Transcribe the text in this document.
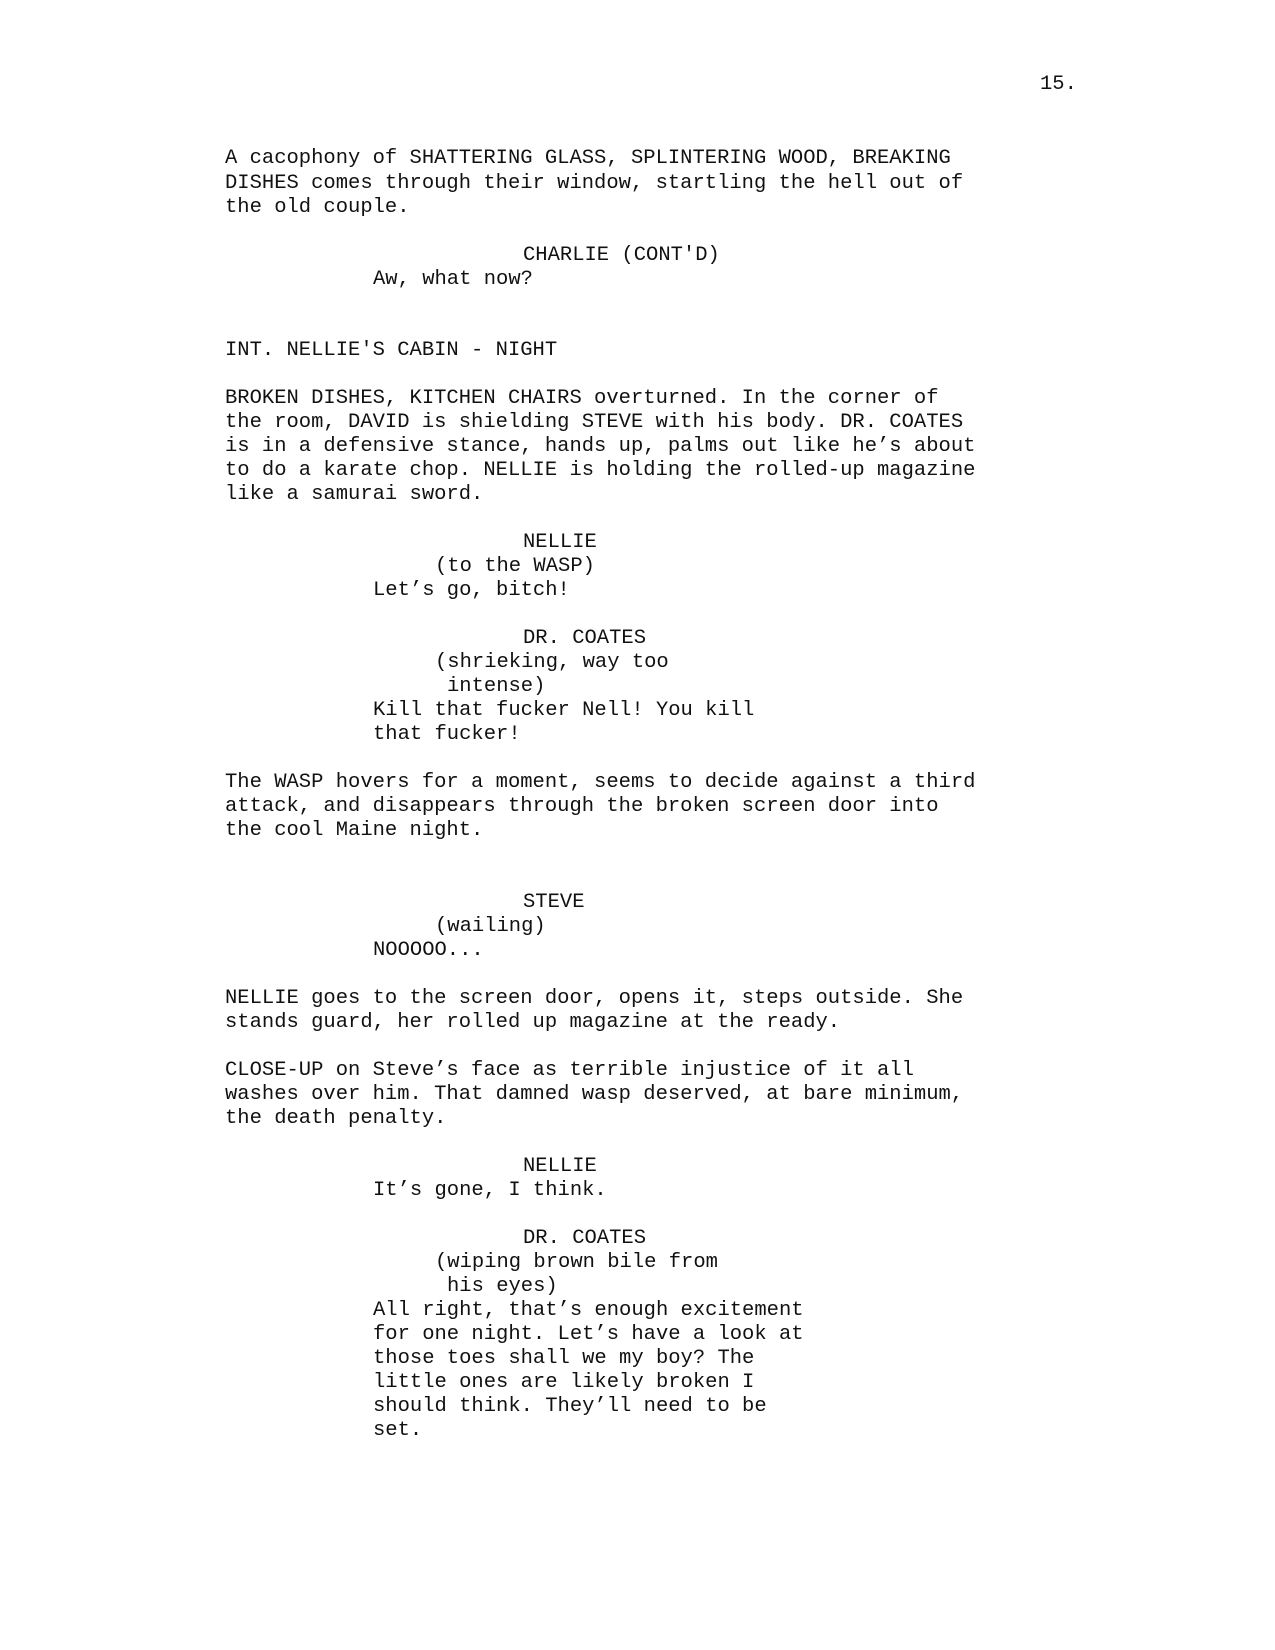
15.
A cacophony of SHATTERING GLASS, SPLINTERING WOOD, BREAKING
DISHES comes through their window, startling the hell out of
the old couple.
CHARLIE (CONT'D)
Aw, what now?
INT. NELLIE'S CABIN - NIGHT
BROKEN DISHES, KITCHEN CHAIRS overturned. In the corner of
the room, DAVID is shielding STEVE with his body. DR. COATES
is in a defensive stance, hands up, palms out like he’s about
to do a karate chop. NELLIE is holding the rolled-up magazine
like a samurai sword.
NELLIE
(to the WASP)
Let’s go, bitch!
DR. COATES
(shrieking, way too
intense)
Kill that fucker Nell! You kill
that fucker!
The WASP hovers for a moment, seems to decide against a third
attack, and disappears through the broken screen door into
the cool Maine night.
STEVE
(wailing)
NOOOOO...
NELLIE goes to the screen door, opens it, steps outside. She
stands guard, her rolled up magazine at the ready.
CLOSE-UP on Steve’s face as terrible injustice of it all
washes over him. That damned wasp deserved, at bare minimum,
the death penalty.
NELLIE
It’s gone, I think.
DR. COATES
(wiping brown bile from
his eyes)
All right, that’s enough excitement
for one night. Let’s have a look at
those toes shall we my boy? The
little ones are likely broken I
should think. They’ll need to be
set.
